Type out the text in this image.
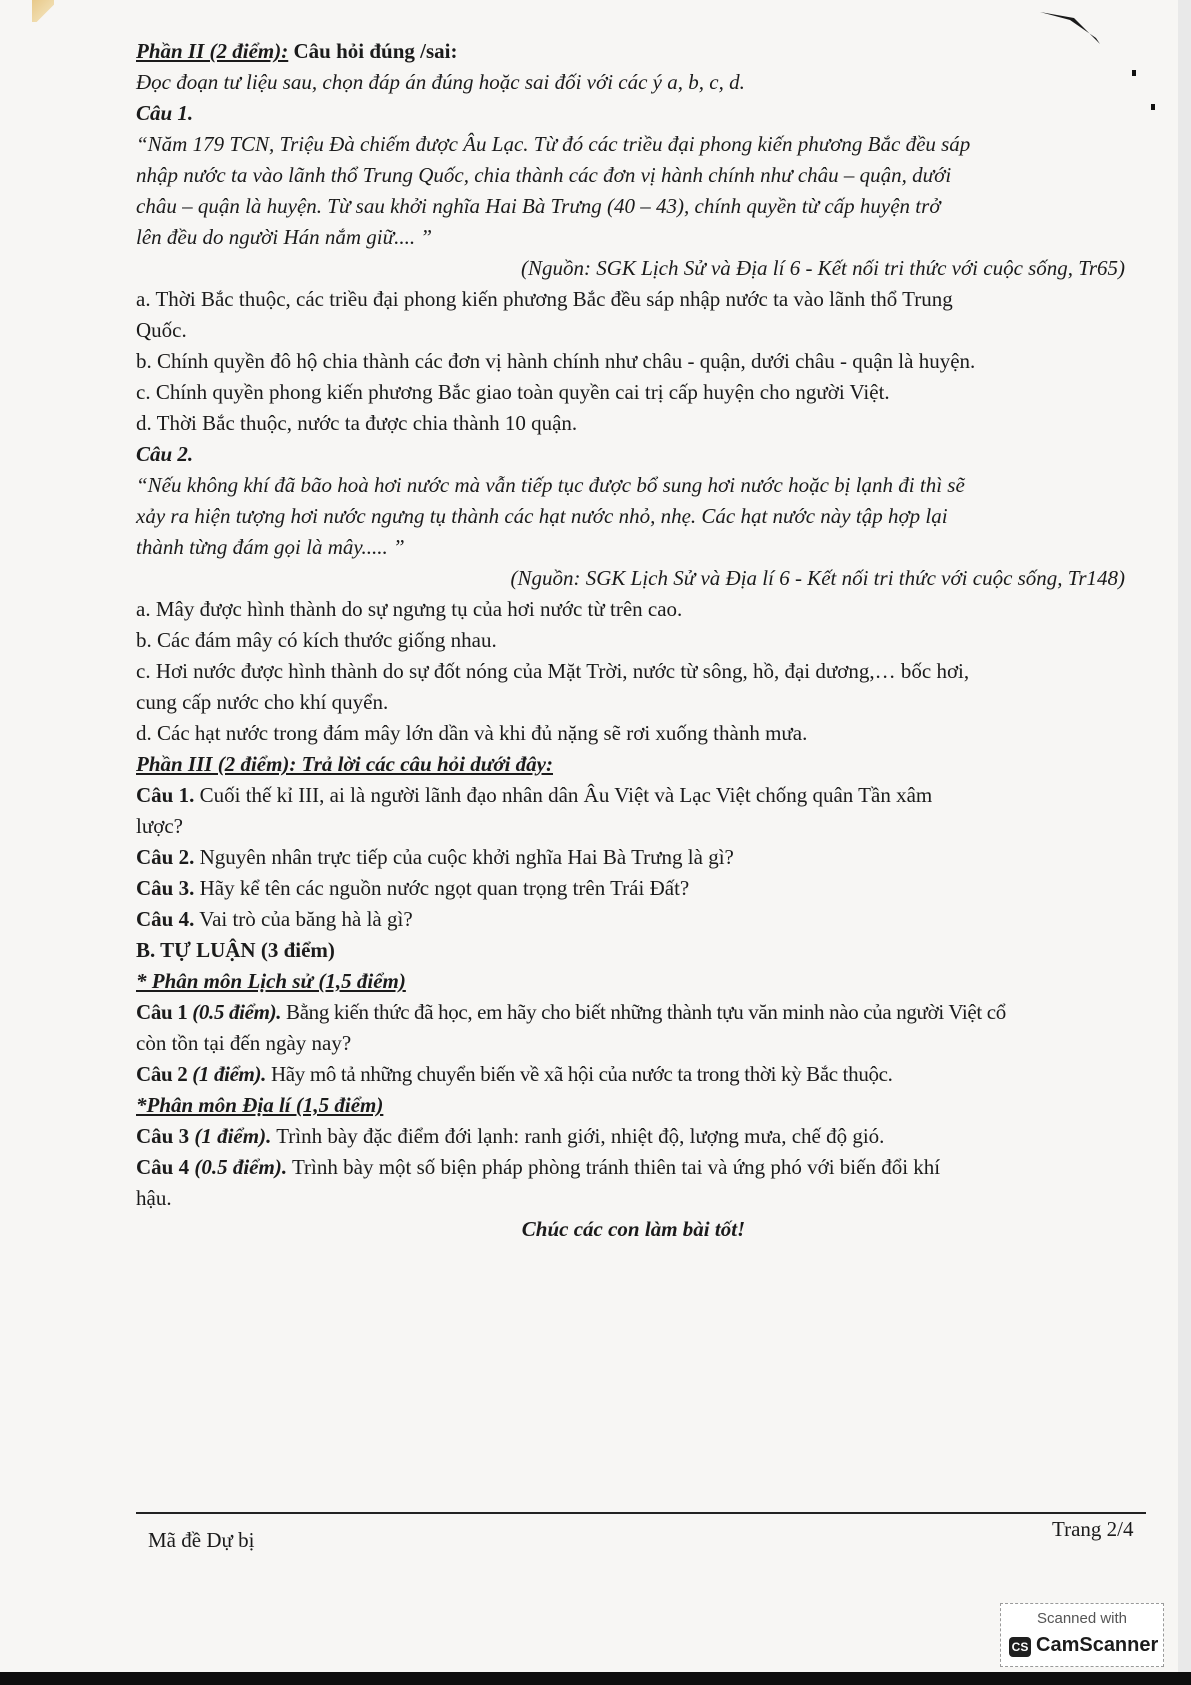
Phần II (2 điểm): Câu hỏi đúng /sai:
Đọc đoạn tư liệu sau, chọn đáp án đúng hoặc sai đối với các ý a, b, c, d.
Câu 1.
“Năm 179 TCN, Triệu Đà chiếm được Âu Lạc. Từ đó các triều đại phong kiến phương Bắc đều sáp
nhập nước ta vào lãnh thổ Trung Quốc, chia thành các đơn vị hành chính như châu – quận, dưới
châu – quận là huyện. Từ sau khởi nghĩa Hai Bà Trưng (40 – 43), chính quyền từ cấp huyện trở
lên đều do người Hán nắm giữ.... ”
(Nguồn: SGK Lịch Sử và Địa lí 6 - Kết nối tri thức với cuộc sống, Tr65)
a. Thời Bắc thuộc, các triều đại phong kiến phương Bắc đều sáp nhập nước ta vào lãnh thổ Trung
Quốc.
b. Chính quyền đô hộ chia thành các đơn vị hành chính như châu - quận, dưới châu - quận là huyện.
c. Chính quyền phong kiến phương Bắc giao toàn quyền cai trị cấp huyện cho người Việt.
d. Thời Bắc thuộc, nước ta được chia thành 10 quận.
Câu 2.
“Nếu không khí đã bão hoà hơi nước mà vẫn tiếp tục được bổ sung hơi nước hoặc bị lạnh đi thì sẽ
xảy ra hiện tượng hơi nước ngưng tụ thành các hạt nước nhỏ, nhẹ. Các hạt nước này tập hợp lại
thành từng đám gọi là mây..... ”
(Nguồn: SGK Lịch Sử và Địa lí 6 - Kết nối tri thức với cuộc sống, Tr148)
a. Mây được hình thành do sự ngưng tụ của hơi nước từ trên cao.
b. Các đám mây có kích thước giống nhau.
c. Hơi nước được hình thành do sự đốt nóng của Mặt Trời, nước từ sông, hồ, đại dương,… bốc hơi,
cung cấp nước cho khí quyển.
d. Các hạt nước trong đám mây lớn dần và khi đủ nặng sẽ rơi xuống thành mưa.
Phần III (2 điểm): Trả lời các câu hỏi dưới đây:
Câu 1. Cuối thế kỉ III, ai là người lãnh đạo nhân dân Âu Việt và Lạc Việt chống quân Tần xâm
lược?
Câu 2. Nguyên nhân trực tiếp của cuộc khởi nghĩa Hai Bà Trưng là gì?
Câu 3. Hãy kể tên các nguồn nước ngọt quan trọng trên Trái Đất?
Câu 4. Vai trò của băng hà là gì?
B. TỰ LUẬN (3 điểm)
* Phân môn Lịch sử (1,5 điểm)
Câu 1 (0.5 điểm). Bằng kiến thức đã học, em hãy cho biết những thành tựu văn minh nào của người Việt cổ
còn tồn tại đến ngày nay?
Câu 2 (1 điểm). Hãy mô tả những chuyển biến về xã hội của nước ta trong thời kỳ Bắc thuộc.
*Phân môn Địa lí (1,5 điểm)
Câu 3 (1 điểm). Trình bày đặc điểm đới lạnh: ranh giới, nhiệt độ, lượng mưa, chế độ gió.
Câu 4 (0.5 điểm). Trình bày một số biện pháp phòng tránh thiên tai và ứng phó với biến đổi khí
hậu.
Chúc các con làm bài tốt!
Mã đề Dự bị	Trang 2/4
Scanned with
CS CamScanner
